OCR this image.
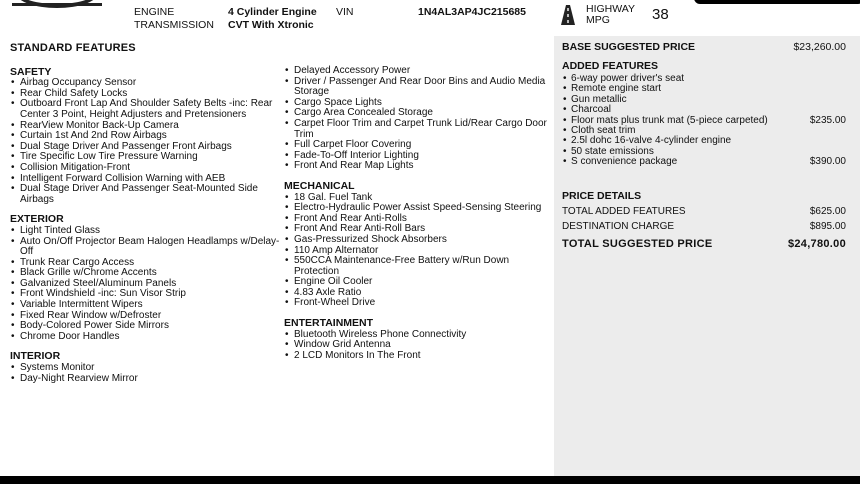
ENGINE	4 Cylinder Engine VIN	1N4AL3AP4JC215685
TRANSMISSION CVT With Xtronic
HIGHWAY
MPG	38
STANDARD FEATURES
SAFETY
• Airbag Occupancy Sensor
• Rear Child Safety Locks
• Outboard Front Lap And Shoulder Safety Belts -inc: Rear Center 3 Point, Height Adjusters and Pretensioners
• RearView Monitor Back-Up Camera
• Curtain 1st And 2nd Row Airbags
• Dual Stage Driver And Passenger Front Airbags
• Tire Specific Low Tire Pressure Warning
• Collision Mitigation-Front
• Intelligent Forward Collision Warning with AEB
• Dual Stage Driver And Passenger Seat-Mounted Side Airbags
EXTERIOR
• Light Tinted Glass
• Auto On/Off Projector Beam Halogen Headlamps w/Delay-Off
• Trunk Rear Cargo Access
• Black Grille w/Chrome Accents
• Galvanized Steel/Aluminum Panels
• Front Windshield -inc: Sun Visor Strip
• Variable Intermittent Wipers
• Fixed Rear Window w/Defroster
• Body-Colored Power Side Mirrors
• Chrome Door Handles
INTERIOR
• Systems Monitor
• Day-Night Rearview Mirror
• Delayed Accessory Power
• Driver / Passenger And Rear Door Bins and Audio Media Storage
• Cargo Space Lights
• Cargo Area Concealed Storage
• Carpet Floor Trim and Carpet Trunk Lid/Rear Cargo Door Trim
• Full Carpet Floor Covering
• Fade-To-Off Interior Lighting
• Front And Rear Map Lights
MECHANICAL
• 18 Gal. Fuel Tank
• Electro-Hydraulic Power Assist Speed-Sensing Steering
• Front And Rear Anti-Rolls
• Front And Rear Anti-Roll Bars
• Gas-Pressurized Shock Absorbers
• 110 Amp Alternator
• 550CCA Maintenance-Free Battery w/Run Down Protection
• Engine Oil Cooler
• 4.83 Axle Ratio
• Front-Wheel Drive
ENTERTAINMENT
• Bluetooth Wireless Phone Connectivity
• Window Grid Antenna
• 2 LCD Monitors In The Front
BASE SUGGESTED PRICE	$23,260.00
ADDED FEATURES
• 6-way power driver's seat
• Remote engine start
• Gun metallic
• Charcoal
• Floor mats plus trunk mat (5-piece carpeted)	$235.00
• Cloth seat trim
• 2.5l dohc 16-valve 4-cylinder engine
• 50 state emissions
• S convenience package	$390.00
PRICE DETAILS
TOTAL ADDED FEATURES	$625.00
DESTINATION CHARGE	$895.00
TOTAL SUGGESTED PRICE	$24,780.00
